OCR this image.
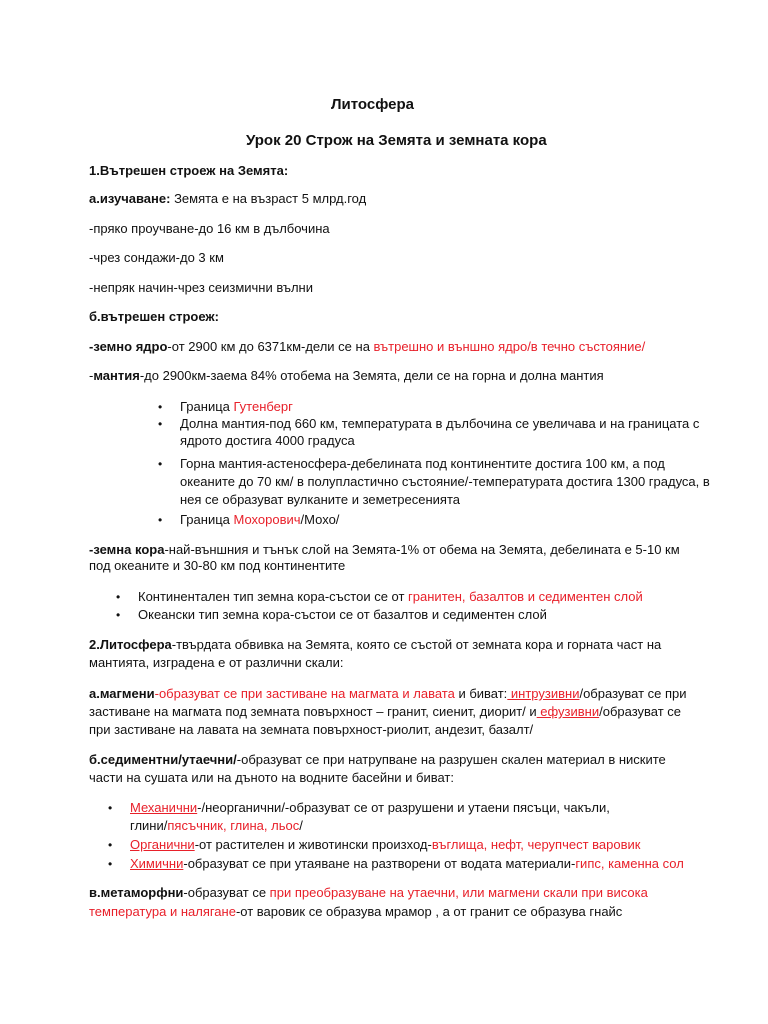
Литосфера
Урок 20 Строж на Земята и земната кора
1.Вътрешен строеж на Земята:
а.изучаване: Земята е на възраст 5 млрд.год
-пряко проучване-до 16 км в дълбочина
-чрез сондажи-до 3 км
-непряк начин-чрез сеизмични вълни
б.вътрешен строеж:
-земно ядро-от 2900 км до 6371км-дели се на вътрешно и външно ядро/в течно състояние/
-мантия-до 2900км-заема 84% отобема на Земята, дели се на горна и долна мантия
• Граница Гутенберг
• Долна мантия-под 660 км, температурата в дълбочина се увеличава и на границата с
ядрото достига 4000 градуса
• Горна мантия-астеносфера-дебелината под континентите достига 100 км, а под
океаните до 70 км/ в полупластично състояние/-температурата достига 1300 градуса, в
нея се образуват вулканите и земетресенията
• Граница Мохорович/Мохо/
-земна кора-най-външния и тънък слой на Земята-1% от обема на Земята, дебелината е 5-10 км
под океаните и 30-80 км под континентите
• Континентален тип земна кора-състои се от гранитен, базалтов и седиментен слой
• Океански тип земна кора-състои се от базалтов и седиментен слой
2.Литосфера-твърдата обвивка на Земята, която се състой от земната кора и горната част на
мантията, изградена е от различни скали:
а.магмени-образуват се при застиване на магмата и лавата и биват: интрузивни/образуват се при
застиване на магмата под земната повърхност – гранит, сиенит, диорит/ и ефузивни/образуват се
при застиване на лавата на земната повърхност-риолит, андезит, базалт/
б.седиментни/утаечни/-образуват се при натрупване на разрушен скален материал в ниските
части на сушата или на дъното на водните басейни и биват:
• Механични-/неорганични/-образуват се от разрушени и утаени пясъци, чакъли,
глини/пясъчник, глина, льос/
• Органични-от растителен и животински произход-въглища, нефт, черупчест варовик
• Химични-образуват се при утаяване на разтворени от водата материали-гипс, каменна сол
в.метаморфни-образуват се при преобразуване на утаечни, или магмени скали при висока
температура и налягане-от варовик се образува мрамор , а от гранит се образува гнайс
